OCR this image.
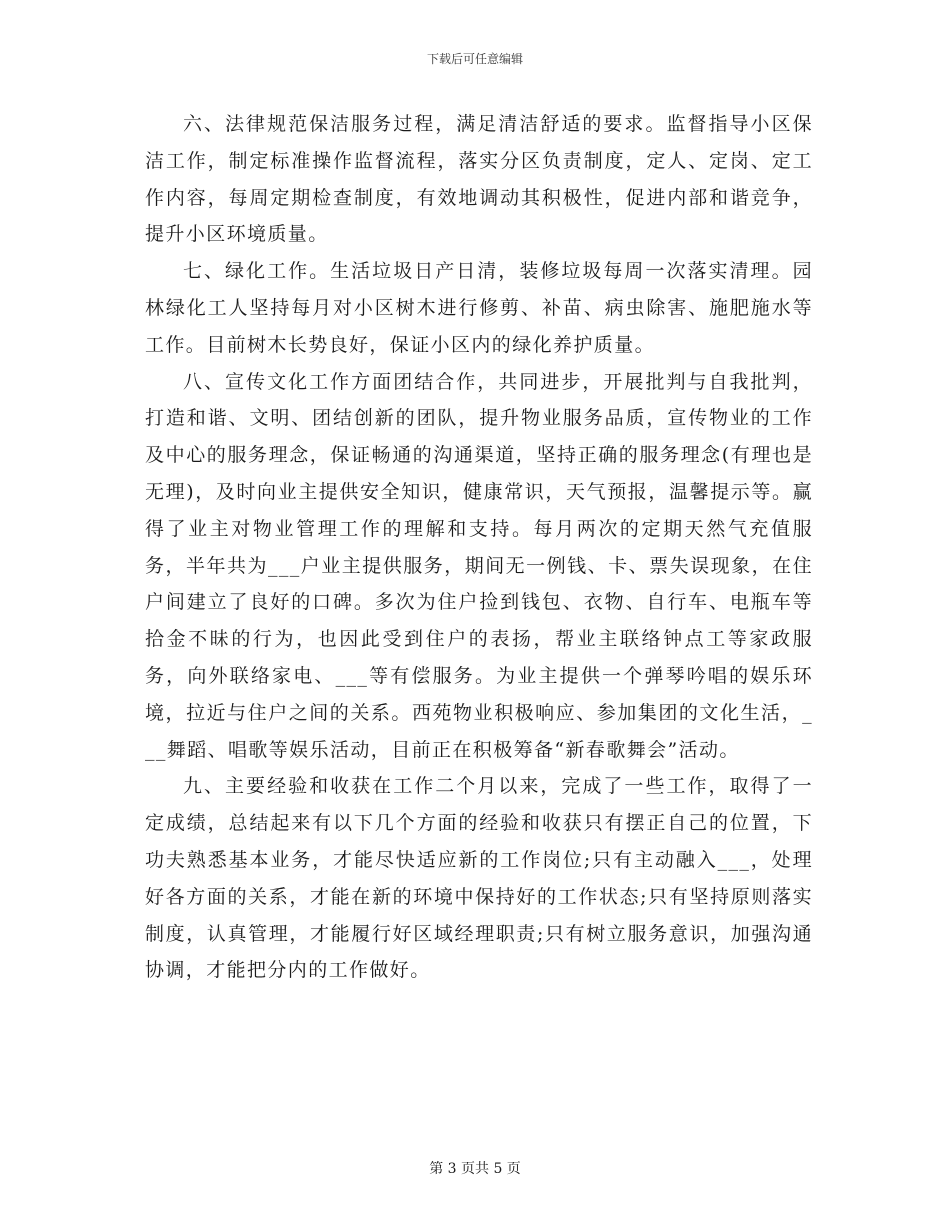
下载后可任意编辑

六、法律规范保洁服务过程，满足清洁舒适的要求。监督指导小区保洁工作，制定标准操作监督流程，落实分区负责制度，定人、定岗、定工作内容，每周定期检查制度，有效地调动其积极性，促进内部和谐竞争，提升小区环境质量。

七、绿化工作。生活垃圾日产日清，装修垃圾每周一次落实清理。园林绿化工人坚持每月对小区树木进行修剪、补苗、病虫除害、施肥施水等工作。目前树木长势良好，保证小区内的绿化养护质量。

八、宣传文化工作方面团结合作，共同进步，开展批判与自我批判，打造和谐、文明、团结创新的团队，提升物业服务品质，宣传物业的工作及中心的服务理念，保证畅通的沟通渠道，坚持正确的服务理念(有理也是无理)，及时向业主提供安全知识，健康常识，天气预报，温馨提示等。赢得了业主对物业管理工作的理解和支持。每月两次的定期天然气充值服务，半年共为___户业主提供服务，期间无一例钱、卡、票失误现象，在住户间建立了良好的口碑。多次为住户捡到钱包、衣物、自行车、电瓶车等拾金不昧的行为，也因此受到住户的表扬，帮业主联络钟点工等家政服务，向外联络家电、___等有偿服务。为业主提供一个弹琴吟唱的娱乐环境，拉近与住户之间的关系。西苑物业积极响应、参加集团的文化生活，___舞蹈、唱歌等娱乐活动，目前正在积极筹备“新春歌舞会”活动。

九、主要经验和收获在工作二个月以来，完成了一些工作，取得了一定成绩，总结起来有以下几个方面的经验和收获只有摆正自己的位置，下功夫熟悉基本业务，才能尽快适应新的工作岗位;只有主动融入___，处理好各方面的关系，才能在新的环境中保持好的工作状态;只有坚持原则落实制度，认真管理，才能履行好区域经理职责;只有树立服务意识，加强沟通协调，才能把分内的工作做好。

第 3 页共 5 页
